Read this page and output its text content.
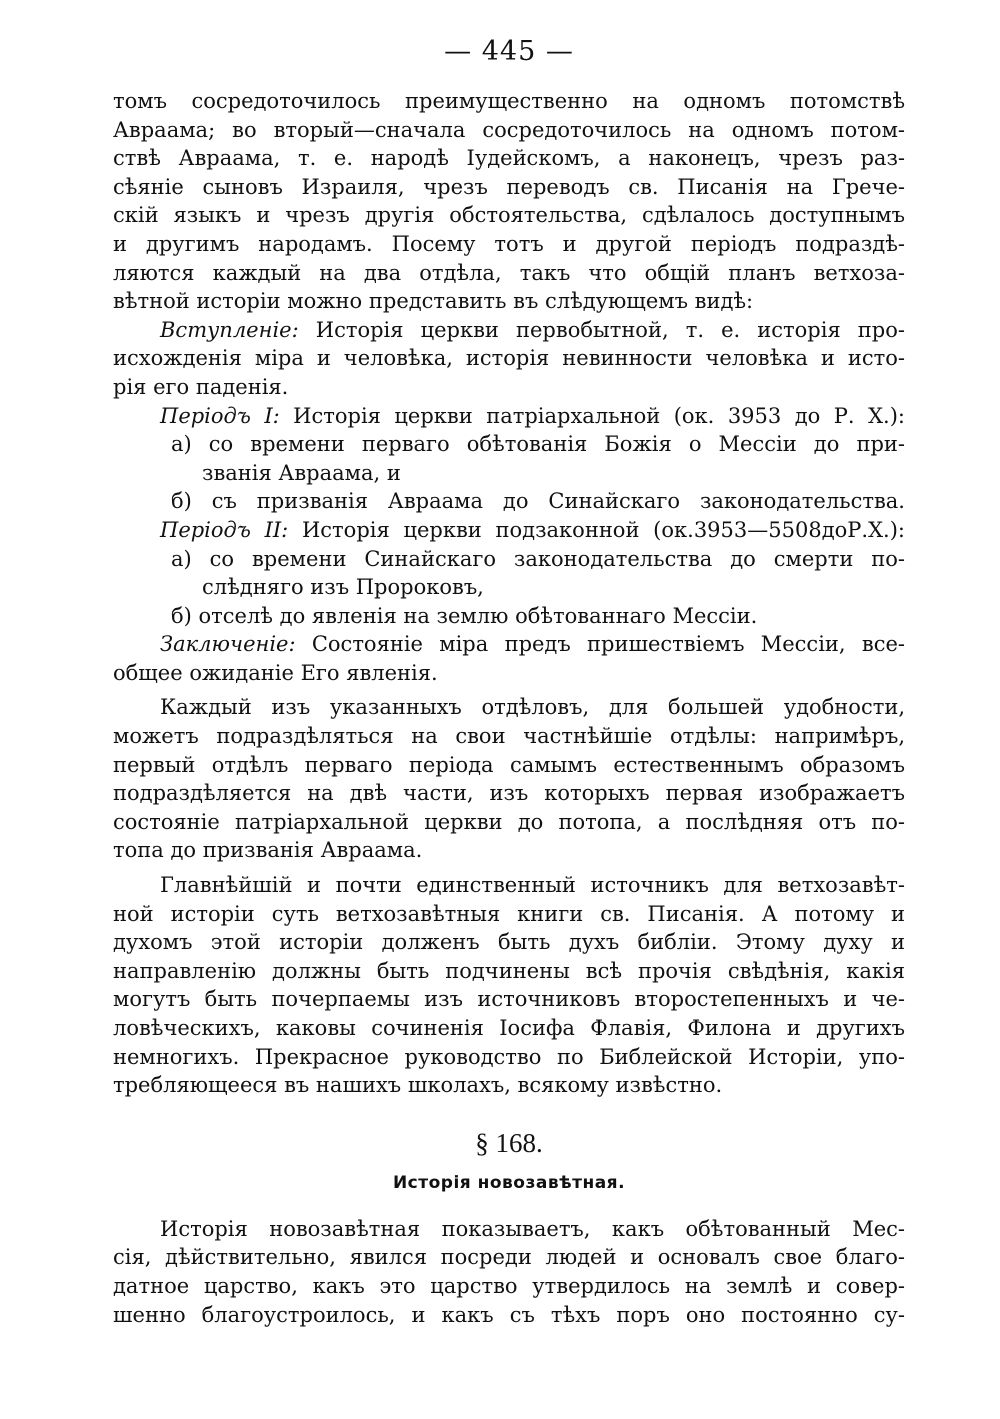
— 445 —
томъ сосредоточилось преимущественно на одномъ потомствѣ
Авраама; во вторый—сначала сосредоточилось на одномъ потом-
ствѣ Авраама, т. е. народѣ Іудейскомъ, а наконецъ, чрезъ раз-
сѣяніе сыновъ Израиля, чрезъ переводъ св. Писанія на Грече-
скій языкъ и чрезъ другія обстоятельства, сдѣлалось доступнымъ
и другимъ народамъ. Посему тотъ и другой періодъ подраздѣ-
ляются каждый на два отдѣла, такъ что общій планъ ветхоза-
вѣтной исторіи можно представить въ слѣдующемъ видѣ:
Вступленіе: Исторія церкви первобытной, т. е. исторія про-
исхожденія міра и человѣка, исторія невинности человѣка и исто-
рія его паденія.
Періодъ I: Исторія церкви патріархальной (ок. 3953 до Р. X.):
а) со времени перваго обѣтованія Божія о Мессіи до при-
званія Авраама, и
б) съ призванія Авраама до Синайскаго законодательства.
Періодъ II: Исторія церкви подзаконной (ок.3953—5508доР.X.):
а) со времени Синайскаго законодательства до смерти по-
слѣдняго изъ Пророковъ,
б) отселѣ до явленія на землю обѣтованнаго Мессіи.
Заключеніе: Состояніе міра предъ пришествіемъ Мессіи, все-
общее ожиданіе Его явленія.
Каждый изъ указанныхъ отдѣловъ, для большей удобности,
можетъ подраздѣляться на свои частнѣйшіе отдѣлы: напримѣръ,
первый отдѣлъ перваго періода самымъ естественнымъ образомъ
подраздѣляется на двѣ части, изъ которыхъ первая изображаетъ
состояніе патріархальной церкви до потопа, а послѣдняя отъ по-
топа до призванія Авраама.
Главнѣйшій и почти единственный источникъ для ветхозавѣт-
ной исторіи суть ветхозавѣтныя книги св. Писанія. А потому и
духомъ этой исторіи долженъ быть духъ библіи. Этому духу и
направленію должны быть подчинены всѣ прочія свѣдѣнія, какія
могутъ быть почерпаемы изъ источниковъ второстепенныхъ и че-
ловѣческихъ, каковы сочиненія Іосифа Флавія, Филона и другихъ
немногихъ. Прекрасное руководство по Библейской Исторіи, упо-
требляющееся въ нашихъ школахъ, всякому извѣстно.
§ 168.
Исторія новозавѣтная.
Исторія новозавѣтная показываетъ, какъ обѣтованный Мес-
сія, дѣйствительно, явился посреди людей и основалъ свое благо-
датное царство, какъ это царство утвердилось на землѣ и совер-
шенно благоустроилось, и какъ съ тѣхъ поръ оно постоянно су-
